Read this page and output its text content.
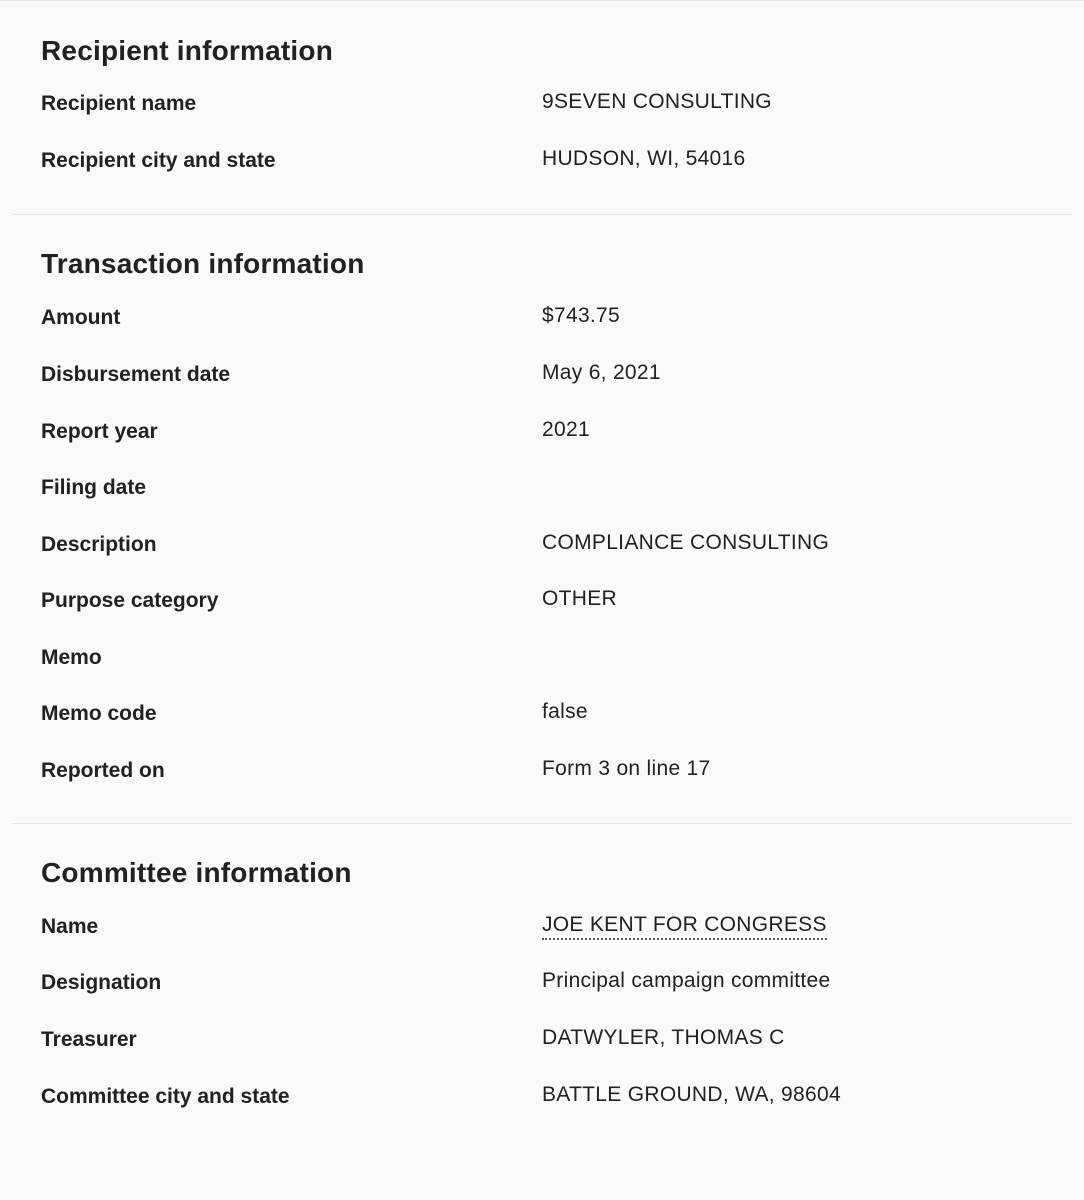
Recipient information
Recipient name	9SEVEN CONSULTING
Recipient city and state	HUDSON, WI, 54016
Transaction information
Amount	$743.75
Disbursement date	May 6, 2021
Report year	2021
Filing date
Description	COMPLIANCE CONSULTING
Purpose category	OTHER
Memo
Memo code	false
Reported on	Form 3 on line 17
Committee information
Name	JOE KENT FOR CONGRESS
Designation	Principal campaign committee
Treasurer	DATWYLER, THOMAS C
Committee city and state	BATTLE GROUND, WA, 98604
